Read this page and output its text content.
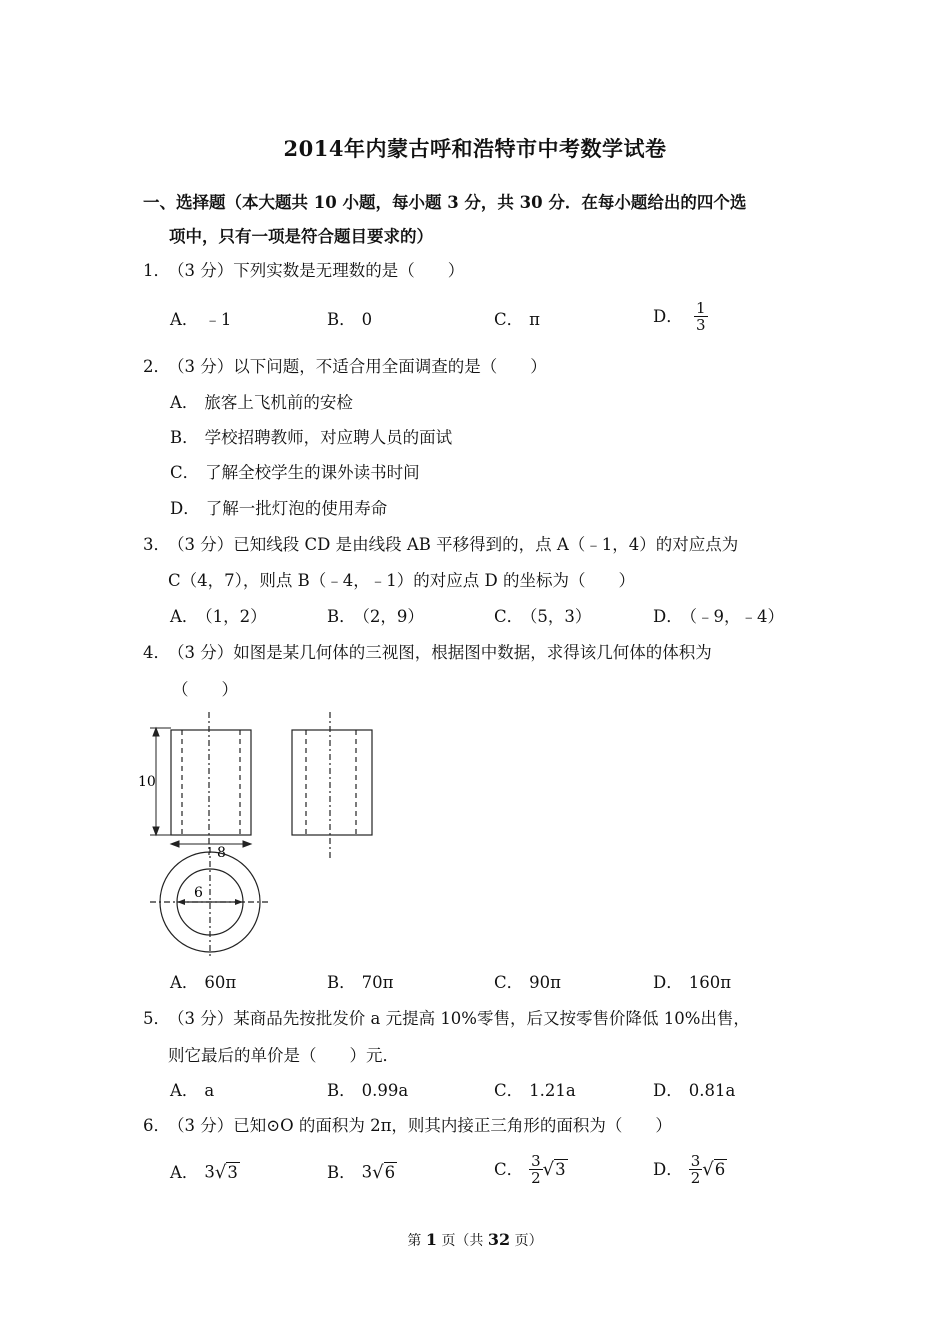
2014年内蒙古呼和浩特市中考数学试卷
一、选择题（本大题共 10 小题，每小题 3 分，共 30 分．在每小题给出的四个选
项中，只有一项是符合题目要求的）
1．
（3 分）下列实数是无理数的是（　　）
A． ﹣1	B． 0	C． π	D． $\frac{1}{3}$
2．
（3 分）以下问题，不适合用全面调查的是（　　）
A． 旅客上飞机前的安检
B． 学校招聘教师，对应聘人员的面试
C． 了解全校学生的课外读书时间
D． 了解一批灯泡的使用寿命
3．
（3 分）已知线段 CD 是由线段 AB 平移得到的，点 A（﹣1，4）的对应点为
C（4，7），则点 B（﹣4，﹣1）的对应点 D 的坐标为（　　）
A． （1，2）	B． （2，9）	C． （5，3）	D． （﹣9，﹣4）
4．
（3 分）如图是某几何体的三视图，根据图中数据，求得该几何体的体积为
（　　）
10
8
6
A． 60π	B． 70π	C． 90π	D． 160π
5．
（3 分）某商品先按批发价 a 元提高 10%零售，后又按零售价降低 10%出售，
则它最后的单价是（　　）元．
A． a	B． 0.99a	C． 1.21a	D． 0.81a
6．
（3 分）已知⊙O 的面积为 2π，则其内接正三角形的面积为（　　）
A． 3√3	B． 3√6	C． $\frac{3}{2} √3$	D． $\frac{3}{2} √6$
第 1 页（共 32 页）
